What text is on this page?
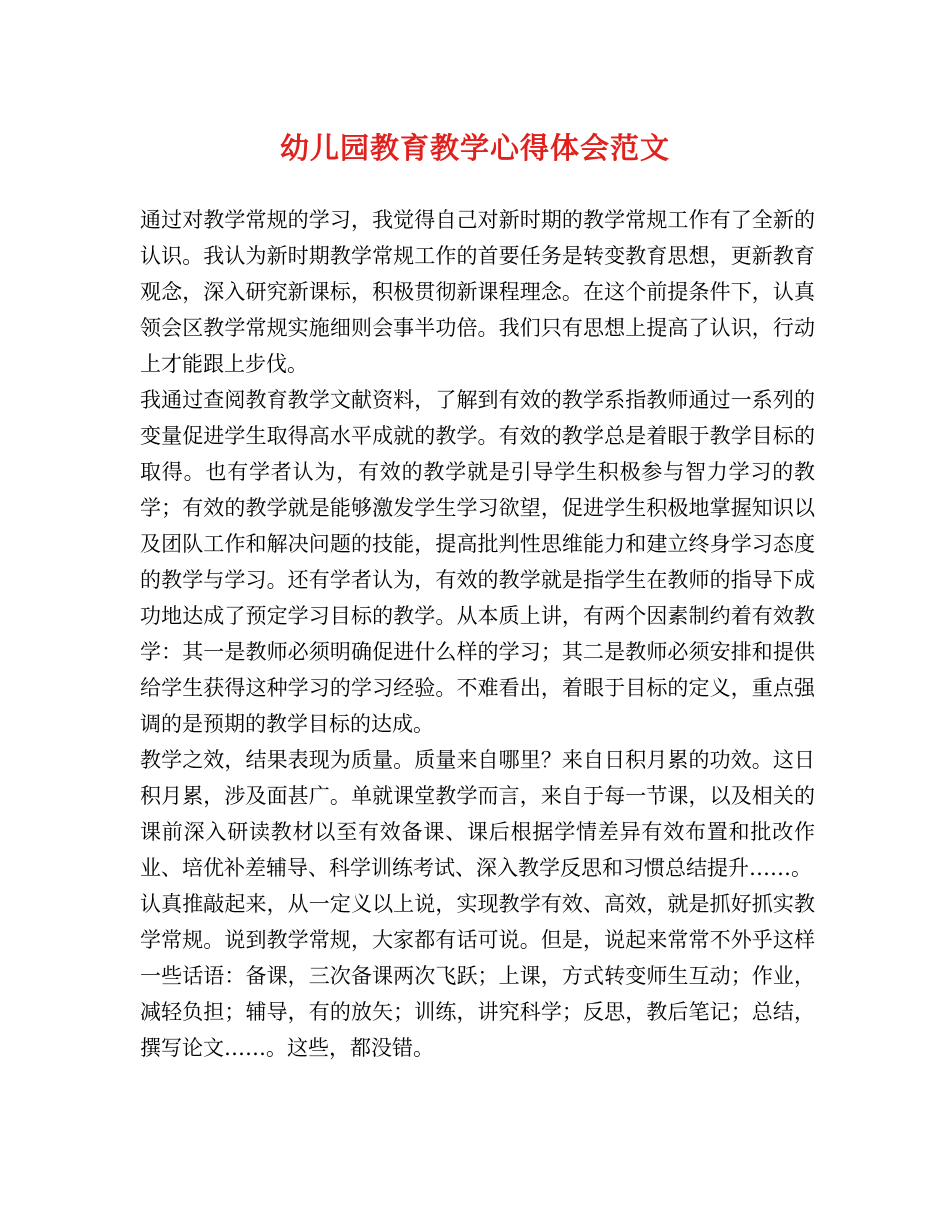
幼儿园教育教学心得体会范文

通过对教学常规的学习，我觉得自己对新时期的教学常规工作有了全新的认识。我认为新时期教学常规工作的首要任务是转变教育思想，更新教育观念，深入研究新课标，积极贯彻新课程理念。在这个前提条件下，认真领会区教学常规实施细则会事半功倍。我们只有思想上提高了认识，行动上才能跟上步伐。

我通过查阅教育教学文献资料，了解到有效的教学系指教师通过一系列的变量促进学生取得高水平成就的教学。有效的教学总是着眼于教学目标的取得。也有学者认为，有效的教学就是引导学生积极参与智力学习的教学；有效的教学就是能够激发学生学习欲望，促进学生积极地掌握知识以及团队工作和解决问题的技能，提高批判性思维能力和建立终身学习态度的教学与学习。还有学者认为，有效的教学就是指学生在教师的指导下成功地达成了预定学习目标的教学。从本质上讲，有两个因素制约着有效教学：其一是教师必须明确促进什么样的学习；其二是教师必须安排和提供给学生获得这种学习的学习经验。不难看出，着眼于目标的定义，重点强调的是预期的教学目标的达成。

教学之效，结果表现为质量。质量来自哪里？来自日积月累的功效。这日积月累，涉及面甚广。单就课堂教学而言，来自于每一节课，以及相关的课前深入研读教材以至有效备课、课后根据学情差异有效布置和批改作业、培优补差辅导、科学训练考试、深入教学反思和习惯总结提升……。

认真推敲起来，从一定义以上说，实现教学有效、高效，就是抓好抓实教学常规。说到教学常规，大家都有话可说。但是，说起来常常不外乎这样一些话语：备课，三次备课两次飞跃；上课，方式转变师生互动；作业，减轻负担；辅导，有的放矢；训练，讲究科学；反思，教后笔记；总结，撰写论文……。这些，都没错。
